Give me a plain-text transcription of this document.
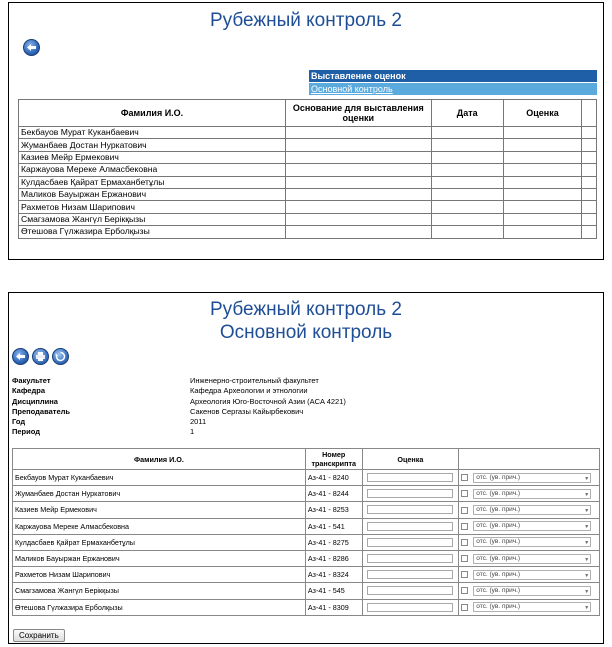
Рубежный контроль 2
Выставление оценок
Основной контроль
Фамилия И.О.	Основание для выставления оценки	Дата	Оценка	
Бекбауов Мурат Куканбаевич				
Жуманбаев Достан Нуркатович				
Казиев Мейр Ермекович				
Каржауова Мереке Алмасбековна				
Кулдасбаев Қайрат Ермаханбетұлы				
Маликов Бауыржан Ержанович				
Рахметов Низам Шарипович				
Смагзамова Жангүл Берікқызы				
Өтешова Гүлжазира Ерболқызы				
Рубежный контроль 2
Основной контроль
Факультет	Инженерно-строительный факультет
Кафедра	Кафедра Археологии и этнологии
Дисциплина	Археология Юго-Восточной Азии (ACA 4221)
Преподаватель	Сакенов Сергазы Кайырбекович
Год	2011
Период	1
Фамилия И.О.	Номер транскрипта	Оценка	
Бекбауов Мурат Куканбаевич	Аз-41 - 8240		отс. (ув. прич.) ▼

Жуманбаев Достан Нуркатович	Аз-41 - 8244		отс. (ув. прич.) ▼

Казиев Мейр Ермекович	Аз-41 - 8253		отс. (ув. прич.) ▼

Каржауова Мереке Алмасбековна	Аз-41 - 541		отс. (ув. прич.) ▼

Кулдасбаев Қайрат Ермаханбетұлы	Аз-41 - 8275		отс. (ув. прич.) ▼

Маликов Бауыржан Ержанович	Аз-41 - 8286		отс. (ув. прич.) ▼

Рахметов Низам Шарипович	Аз-41 - 8324		отс. (ув. прич.) ▼

Смагзамова Жангүл Берікқызы	Аз-41 - 545		отс. (ув. прич.) ▼

Өтешова Гүлжазира Ерболқызы	Аз-41 - 8309		отс. (ув. прич.) ▼
Сохранить
